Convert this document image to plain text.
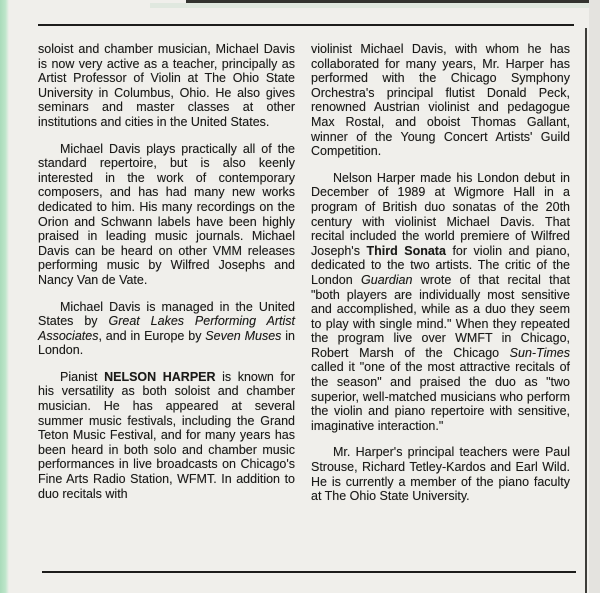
soloist and chamber musician, Michael Davis is now very active as a teacher, principally as Artist Professor of Violin at The Ohio State University in Columbus, Ohio. He also gives seminars and master classes at other institutions and cities in the United States.

Michael Davis plays practically all of the standard repertoire, but is also keenly interested in the work of contemporary composers, and has had many new works dedicated to him. His many recordings on the Orion and Schwann labels have been highly praised in leading music journals. Michael Davis can be heard on other VMM releases performing music by Wilfred Josephs and Nancy Van de Vate.

Michael Davis is managed in the United States by Great Lakes Performing Artist Associates, and in Europe by Seven Muses in London.

Pianist NELSON HARPER is known for his versatility as both soloist and chamber musician. He has appeared at several summer music festivals, including the Grand Teton Music Festival, and for many years has been heard in both solo and chamber music performances in live broadcasts on Chicago's Fine Arts Radio Station, WFMT. In addition to duo recitals with

violinist Michael Davis, with whom he has collaborated for many years, Mr. Harper has performed with the Chicago Symphony Orchestra's principal flutist Donald Peck, renowned Austrian violinist and pedagogue Max Rostal, and oboist Thomas Gallant, winner of the Young Concert Artists' Guild Competition.

Nelson Harper made his London debut in December of 1989 at Wigmore Hall in a program of British duo sonatas of the 20th century with violinist Michael Davis. That recital included the world premiere of Wilfred Joseph's Third Sonata for violin and piano, dedicated to the two artists. The critic of the London Guardian wrote of that recital that "both players are individually most sensitive and accomplished, while as a duo they seem to play with single mind." When they repeated the program live over WMFT in Chicago, Robert Marsh of the Chicago Sun-Times called it "one of the most attractive recitals of the season" and praised the duo as "two superior, well-matched musicians who perform the violin and piano repertoire with sensitive, imaginative interaction."

Mr. Harper's principal teachers were Paul Strouse, Richard Tetley-Kardos and Earl Wild. He is currently a member of the piano faculty at The Ohio State University.
